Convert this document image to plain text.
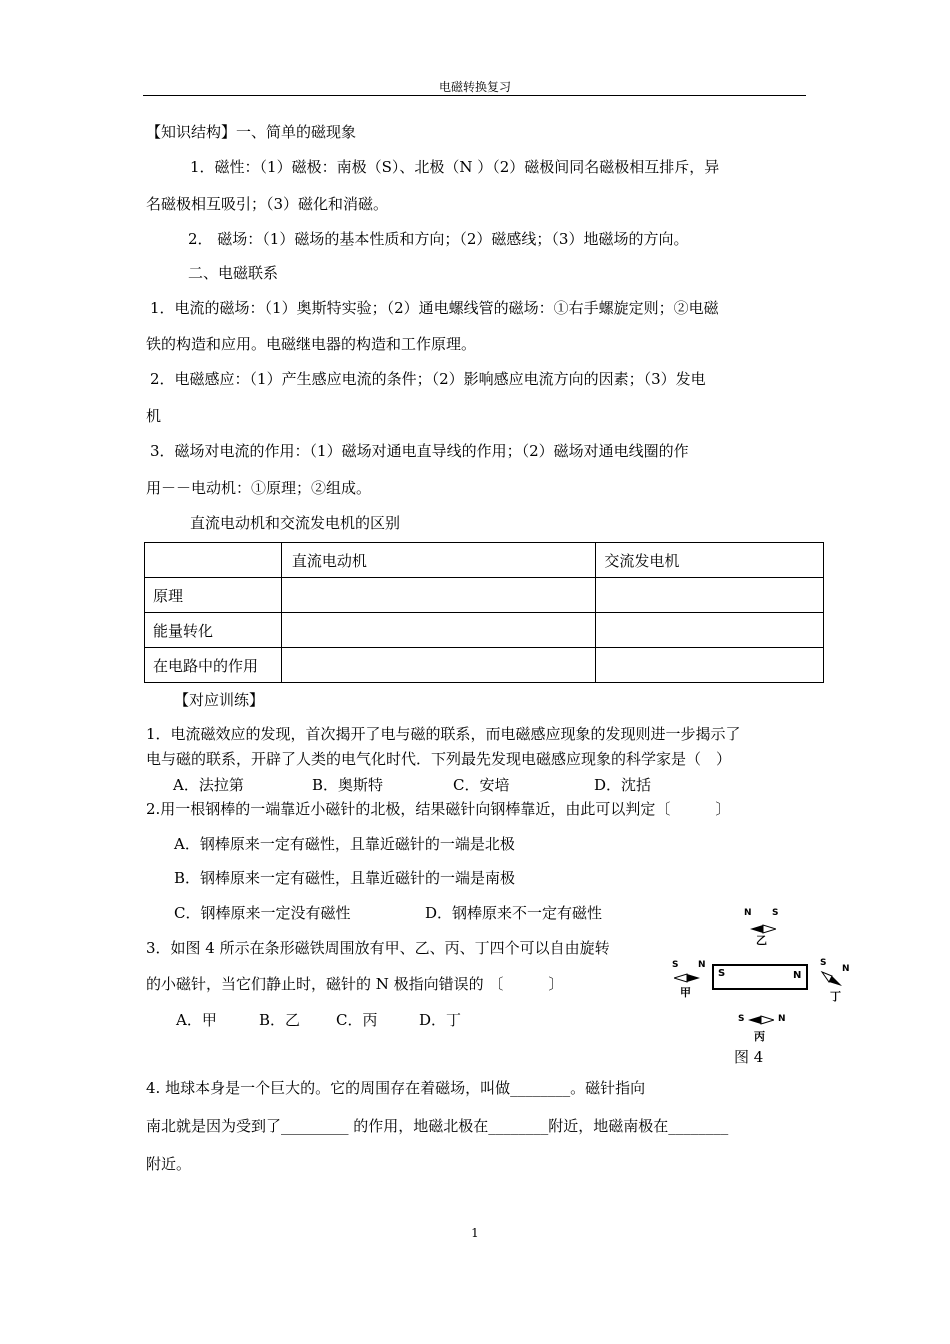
电磁转换复习
【知识结构】一、简单的磁现象
1．磁性：（1）磁极：南极（S）、北极（N ）（2）磁极间同名磁极相互排斥，异
名磁极相互吸引；（3）磁化和消磁。
2． 磁场：（1）磁场的基本性质和方向；（2）磁感线；（3）地磁场的方向。
二、电磁联系
1．电流的磁场：（1）奥斯特实验；（2）通电螺线管的磁场：①右手螺旋定则；②电磁
铁的构造和应用。电磁继电器的构造和工作原理。
2．电磁感应：（1）产生感应电流的条件；（2）影响感应电流方向的因素；（3）发电
机
3．磁场对电流的作用：（1）磁场对通电直导线的作用；（2）磁场对通电线圈的作
用－－电动机：①原理；②组成。
直流电动机和交流发电机的区别
	直流电动机	交流发电机
原理		
能量转化		
在电路中的作用		
【对应训练】
1．电流磁效应的发现，首次揭开了电与磁的联系，而电磁感应现象的发现则进一步揭示了
电与磁的联系，开辟了人类的电气化时代．下列最先发现电磁感应现象的科学家是（　）
A．法拉第	B．奥斯特	C．安培	D．沈括
2.用一根钢棒的一端靠近小磁针的北极，结果磁针向钢棒靠近，由此可以判定〔　　　〕
A．钢棒原来一定有磁性，且靠近磁针的一端是北极
B．钢棒原来一定有磁性，且靠近磁针的一端是南极
C．钢棒原来一定没有磁性	D．钢棒原来不一定有磁性
3．如图 4 所示在条形磁铁周围放有甲、乙、丙、丁四个可以自由旋转
的小磁针，当它们静止时，磁针的 N 极指向错误的 〔　　　〕
A．甲	B．乙 C．丙	D．丁
4. 地球本身是一个巨大的。它的周围存在着磁场，叫做________。磁针指向
南北就是因为受到了_________ 的作用，地磁北极在________附近，地磁南极在________
附近。
N S
乙
S N
甲
S	N
S
N
丁
S	N
丙
图 4
1
